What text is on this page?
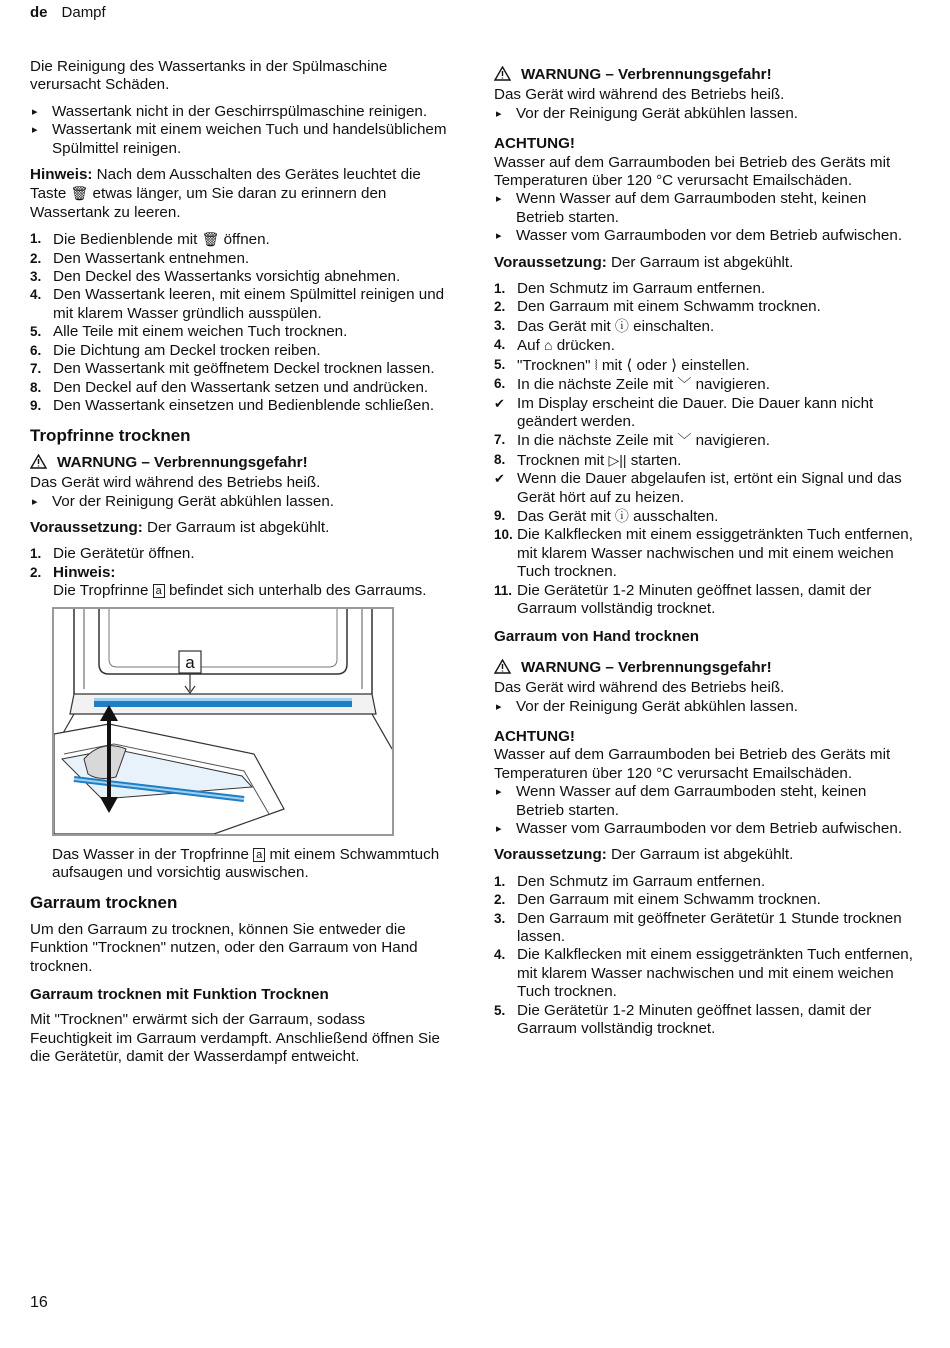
de Dampf

Die Reinigung des Wassertanks in der Spülmaschine verursacht Schäden.

▸ Wassertank nicht in der Geschirrspülmaschine reinigen.
▸ Wassertank mit einem weichen Tuch und handelsüblichem Spülmittel reinigen.

Hinweis: Nach dem Ausschalten des Gerätes leuchtet die Taste 🗑︎ etwas länger, um Sie daran zu erinnern den Wassertank zu leeren.

1. Die Bedienblende mit 🗑︎ öffnen.
2. Den Wassertank entnehmen.
3. Den Deckel des Wassertanks vorsichtig abnehmen.
4. Den Wassertank leeren, mit einem Spülmittel reinigen und mit klarem Wasser gründlich ausspülen.
5. Alle Teile mit einem weichen Tuch trocknen.
6. Die Dichtung am Deckel trocken reiben.
7. Den Wassertank mit geöffnetem Deckel trocknen lassen.
8. Den Deckel auf den Wassertank setzen und andrücken.
9. Den Wassertank einsetzen und Bedienblende schließen.
Tropfrinne trocknen
WARNUNG – Verbrennungsgefahr!
Das Gerät wird während des Betriebs heiß.
▸ Vor der Reinigung Gerät abkühlen lassen.

Voraussetzung: Der Garraum ist abgekühlt.

1. Die Gerätetür öffnen.
2. Hinweis:
Die Tropfrinne a befindet sich unterhalb des Garraums.
a

Das Wasser in der Tropfrinne a mit einem Schwammtuch aufsaugen und vorsichtig auswischen.

Garraum trocknen

Um den Garraum zu trocknen, können Sie entweder die Funktion "Trocknen" nutzen, oder den Garraum von Hand trocknen.

Garraum trocknen mit Funktion Trocknen

Mit "Trocknen" erwärmt sich der Garraum, sodass Feuchtigkeit im Garraum verdampft. Anschließend öffnen Sie die Gerätetür, damit der Wasserdampf entweicht.

WARNUNG – Verbrennungsgefahr!
Das Gerät wird während des Betriebs heiß.
▸ Vor der Reinigung Gerät abkühlen lassen.
ACHTUNG!
Wasser auf dem Garraumboden bei Betrieb des Geräts mit Temperaturen über 120 °C verursacht Emailschäden.
▸ Wenn Wasser auf dem Garraumboden steht, keinen Betrieb starten.
▸ Wasser vom Garraumboden vor dem Betrieb aufwischen.

Voraussetzung: Der Garraum ist abgekühlt.

1. Den Schmutz im Garraum entfernen.
2. Den Garraum mit einem Schwamm trocknen.
3. Das Gerät mit ⓘ einschalten.
4. Auf ⌂ drücken.
5. "Trocknen" ⦚ mit ⟨ oder ⟩ einstellen.
6. In die nächste Zeile mit ﹀ navigieren.
✔ Im Display erscheint die Dauer. Die Dauer kann nicht geändert werden.
7. In die nächste Zeile mit ﹀ navigieren.
8. Trocknen mit ▷|| starten.
✔ Wenn die Dauer abgelaufen ist, ertönt ein Signal und das Gerät hört auf zu heizen.
9. Das Gerät mit ⓘ ausschalten.
10. Die Kalkflecken mit einem essiggetränkten Tuch entfernen, mit klarem Wasser nachwischen und mit einem weichen Tuch trocknen.
11. Die Gerätetür 1-2 Minuten geöffnet lassen, damit der Garraum vollständig trocknet.
Garraum von Hand trocknen
WARNUNG – Verbrennungsgefahr!
Das Gerät wird während des Betriebs heiß.
▸ Vor der Reinigung Gerät abkühlen lassen.
ACHTUNG!
Wasser auf dem Garraumboden bei Betrieb des Geräts mit Temperaturen über 120 °C verursacht Emailschäden.
▸ Wenn Wasser auf dem Garraumboden steht, keinen Betrieb starten.
▸ Wasser vom Garraumboden vor dem Betrieb aufwischen.

Voraussetzung: Der Garraum ist abgekühlt.

1. Den Schmutz im Garraum entfernen.
2. Den Garraum mit einem Schwamm trocknen.
3. Den Garraum mit geöffneter Gerätetür 1 Stunde trocknen lassen.
4. Die Kalkflecken mit einem essiggetränkten Tuch entfernen, mit klarem Wasser nachwischen und mit einem weichen Tuch trocknen.
5. Die Gerätetür 1-2 Minuten geöffnet lassen, damit der Garraum vollständig trocknet.
16
